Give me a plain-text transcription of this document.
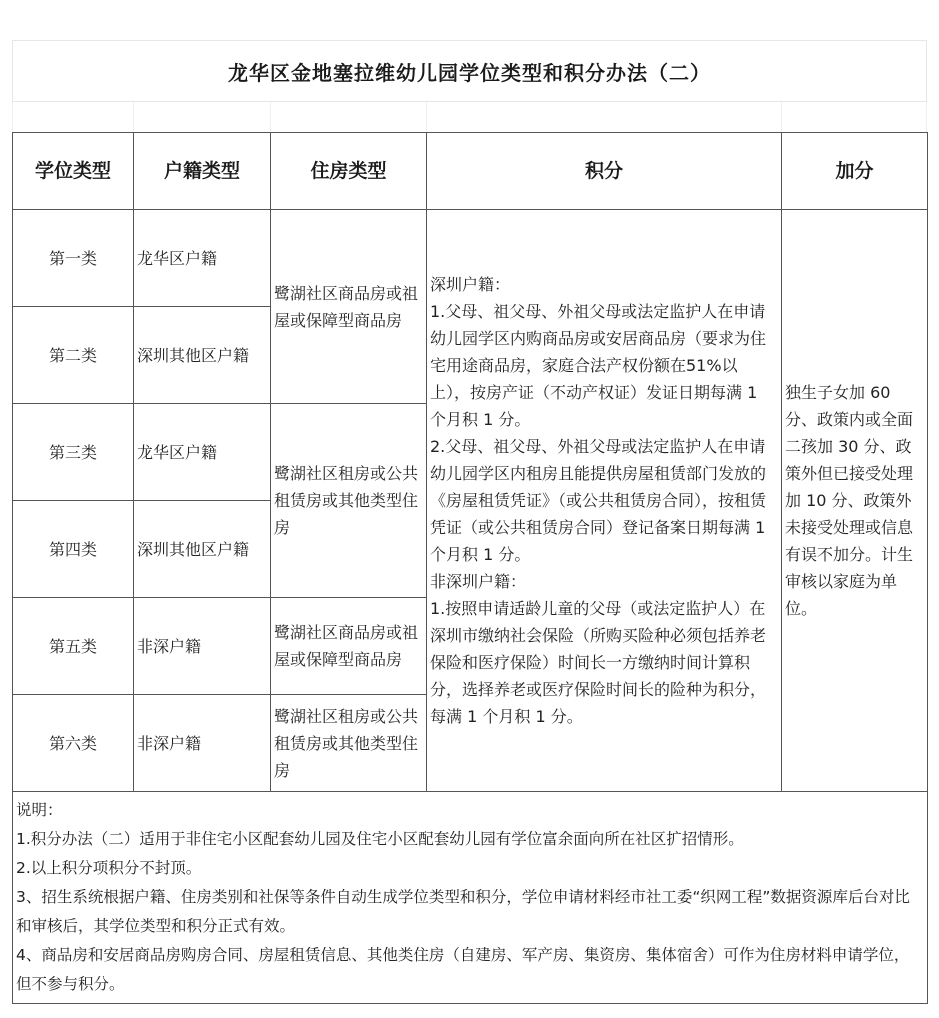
龙华区金地塞拉维幼儿园学位类型和积分办法（二）
学位类型	户籍类型	住房类型	积分	加分
第一类	龙华区户籍	鹭湖社区商品房或祖屋或保障型商品房	深圳户籍：

1.父母、祖父母、外祖父母或法定监护人在申请幼儿园学区内购商品房或安居商品房（要求为住宅用途商品房，家庭合法产权份额在51%以上），按房产证（不动产权证）发证日期每满 1 个月积 1 分。

2.父母、祖父母、外祖父母或法定监护人在申请幼儿园学区内租房且能提供房屋租赁部门发放的《房屋租赁凭证》（或公共租赁房合同），按租赁凭证（或公共租赁房合同）登记备案日期每满 1 个月积 1 分。

非深圳户籍：

1.按照申请适龄儿童的父母（或法定监护人）在深圳市缴纳社会保险（所购买险种必须包括养老保险和医疗保险）时间长一方缴纳时间计算积分，选择养老或医疗保险时间长的险种为积分，每满 1 个月积 1 分。	独生子女加 60 分、政策内或全面二孩加 30 分、政策外但已接受处理加 10 分、政策外未接受处理或信息有误不加分。计生审核以家庭为单位。
第二类	深圳其他区户籍			
第三类	龙华区户籍	鹭湖社区租房或公共租赁房或其他类型住房		
第四类	深圳其他区户籍			
第五类	非深户籍	鹭湖社区商品房或祖屋或保障型商品房		
第六类	非深户籍	鹭湖社区租房或公共租赁房或其他类型住房		

说明：

1.积分办法（二）适用于非住宅小区配套幼儿园及住宅小区配套幼儿园有学位富余面向所在社区扩招情形。

2.以上积分项积分不封顶。

3、招生系统根据户籍、住房类别和社保等条件自动生成学位类型和积分，学位申请材料经市社工委“织网工程”数据资源库后台对比和审核后，其学位类型和积分正式有效。

4、商品房和安居商品房购房合同、房屋租赁信息、其他类住房（自建房、军产房、集资房、集体宿舍）可作为住房材料申请学位，但不参与积分。				
